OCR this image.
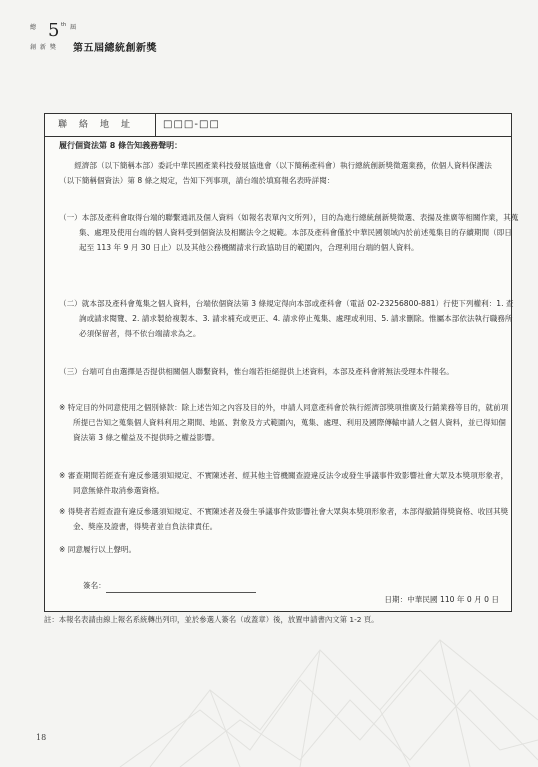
總 5 th 屆
創 新 獎 第五屆總統創新獎
聯絡地址	□□□-□□
履行個資法第 8 條告知義務聲明：
經濟部（以下簡稱本部）委託中華民國產業科技發展協進會（以下簡稱產科會）執行總統創新獎徵選業務，依個人資料保護法（以下簡稱個資法）第 8 條之規定，告知下列事項，請台端於填寫報名表時詳閱：
（一）本部及產科會取得台端的聯繫通訊及個人資料（如報名表單內文所列），目的為進行總統創新獎徵選、表揚及推廣等相關作業，其蒐集、處理及使用台端的個人資料受到個資法及相關法令之規範。本部及產科會僅於中華民國領域內於前述蒐集目的存續期間（即日起至 113 年 9 月 30 日止）以及其他公務機關請求行政協助目的範圍內，合理利用台端的個人資料。
（二）就本部及產科會蒐集之個人資料，台端依個資法第 3 條規定得向本部或產科會（電話 02-23256800-881）行使下列權利：1. 查詢或請求閱覽、2. 請求製給複製本、3. 請求補充或更正、4. 請求停止蒐集、處理或利用、5. 請求刪除。惟屬本部依法執行職務所必須保留者，得不依台端請求為之。
（三）台端可自由選擇是否提供相關個人聯繫資料，惟台端若拒絕提供上述資料，本部及產科會將無法受理本件報名。
※ 特定目的外同意使用之個別條款：除上述告知之內容及目的外，申請人同意產科會於執行經濟部獎項推廣及行銷業務等目的，就前項所提已告知之蒐集個人資料利用之期間、地區、對象及方式範圍內，蒐集、處理、利用及國際傳輸申請人之個人資料，並已得知個資法第 3 條之權益及不提供時之權益影響。
※ 審查期間若經查有違反參選須知規定、不實陳述者、經其他主管機關查證違反法令或發生爭議事件致影響社會大眾及本獎項形象者，同意無條件取消參選資格。
※ 得獎者若經查證有違反參選須知規定、不實陳述者及發生爭議事件致影響社會大眾與本獎項形象者，本部得撤銷得獎資格、收回其獎金、獎座及證書，得獎者並自負法律責任。
※ 同意履行以上聲明。
簽名：
日期：中華民國 110 年 0 月 0 日
註：本報名表請由線上報名系統轉出列印，並於參選人簽名（或蓋章）後，放置申請書內文第 1-2 頁。
18
